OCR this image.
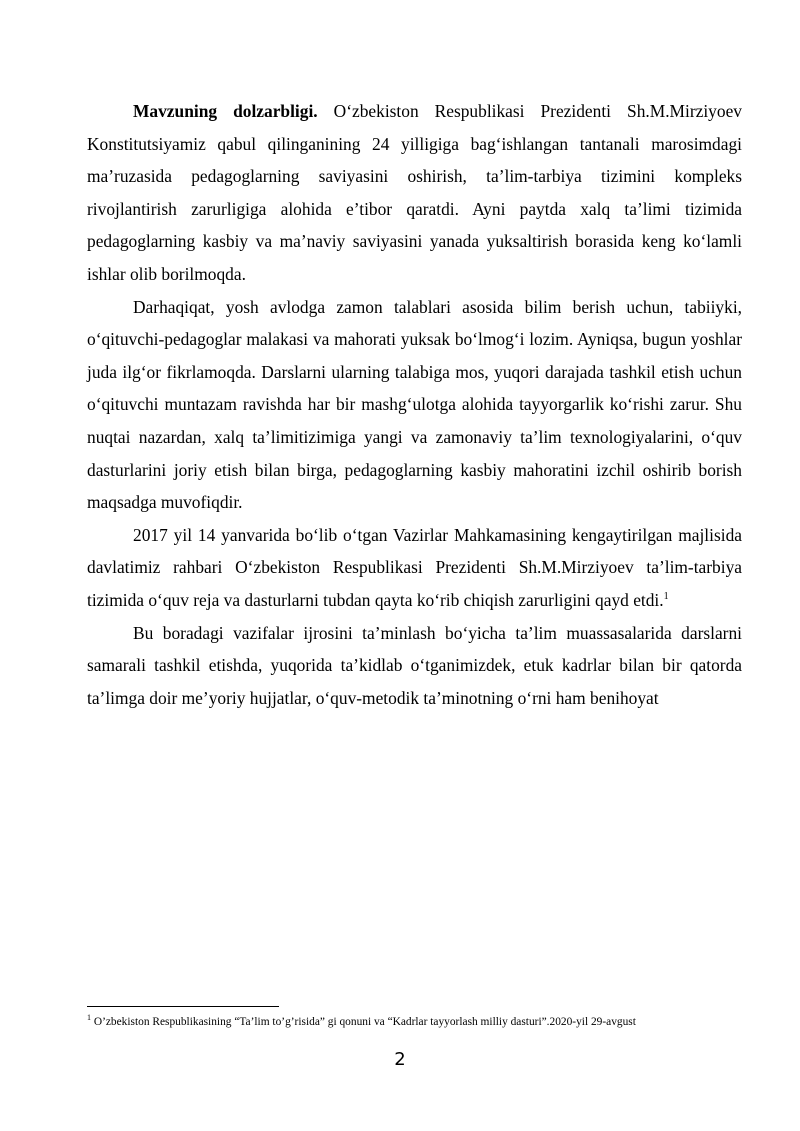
Mavzuning dolzarbligi. O‘zbekiston Respublikasi Prezidenti Sh.M.Mirziyoev Konstitutsiyamiz qabul qilinganining 24 yilligiga bag‘ishlangan tantanali marosimdagi ma’ruzasida pedagoglarning saviyasini oshirish, ta’lim-tarbiya tizimini kompleks rivojlantirish zarurligiga alohida e’tibor qaratdi. Ayni paytda xalq ta’limi tizimida pedagoglarning kasbiy va ma’naviy saviyasini yanada yuksaltirish borasida keng ko‘lamli ishlar olib borilmoqda.

Darhaqiqat, yosh avlodga zamon talablari asosida bilim berish uchun, tabiiyki, o‘qituvchi-pedagoglar malakasi va mahorati yuksak bo‘lmog‘i lozim. Ayniqsa, bugun yoshlar juda ilg‘or fikrlamoqda. Darslarni ularning talabiga mos, yuqori darajada tashkil etish uchun o‘qituvchi muntazam ravishda har bir mashg‘ulotga alohida tayyorgarlik ko‘rishi zarur. Shu nuqtai nazardan, xalq ta’limitizimiga yangi va zamonaviy ta’lim texnologiyalarini, o‘quv dasturlarini joriy etish bilan birga, pedagoglarning kasbiy mahoratini izchil oshirib borish maqsadga muvofiqdir.

2017 yil 14 yanvarida bo‘lib o‘tgan Vazirlar Mahkamasining kengaytirilgan majlisida davlatimiz rahbari O‘zbekiston Respublikasi Prezidenti Sh.M.Mirziyoev ta’lim-tarbiya tizimida o‘quv reja va dasturlarni tubdan qayta ko‘rib chiqish zarurligini qayd etdi.$^1$

Bu boradagi vazifalar ijrosini ta’minlash bo‘yicha ta’lim muassasalarida darslarni samarali tashkil etishda, yuqorida ta’kidlab o‘tganimizdek, etuk kadrlar bilan bir qatorda ta’limga doir me’yoriy hujjatlar, o‘quv-metodik ta’minotning o‘rni ham benihoyat

$^1$ O’zbekiston Respublikasining “Ta’lim to’g’risida” gi qonuni va “Kadrlar tayyorlash milliy dasturi”.2020-yil 29-avgust
2
